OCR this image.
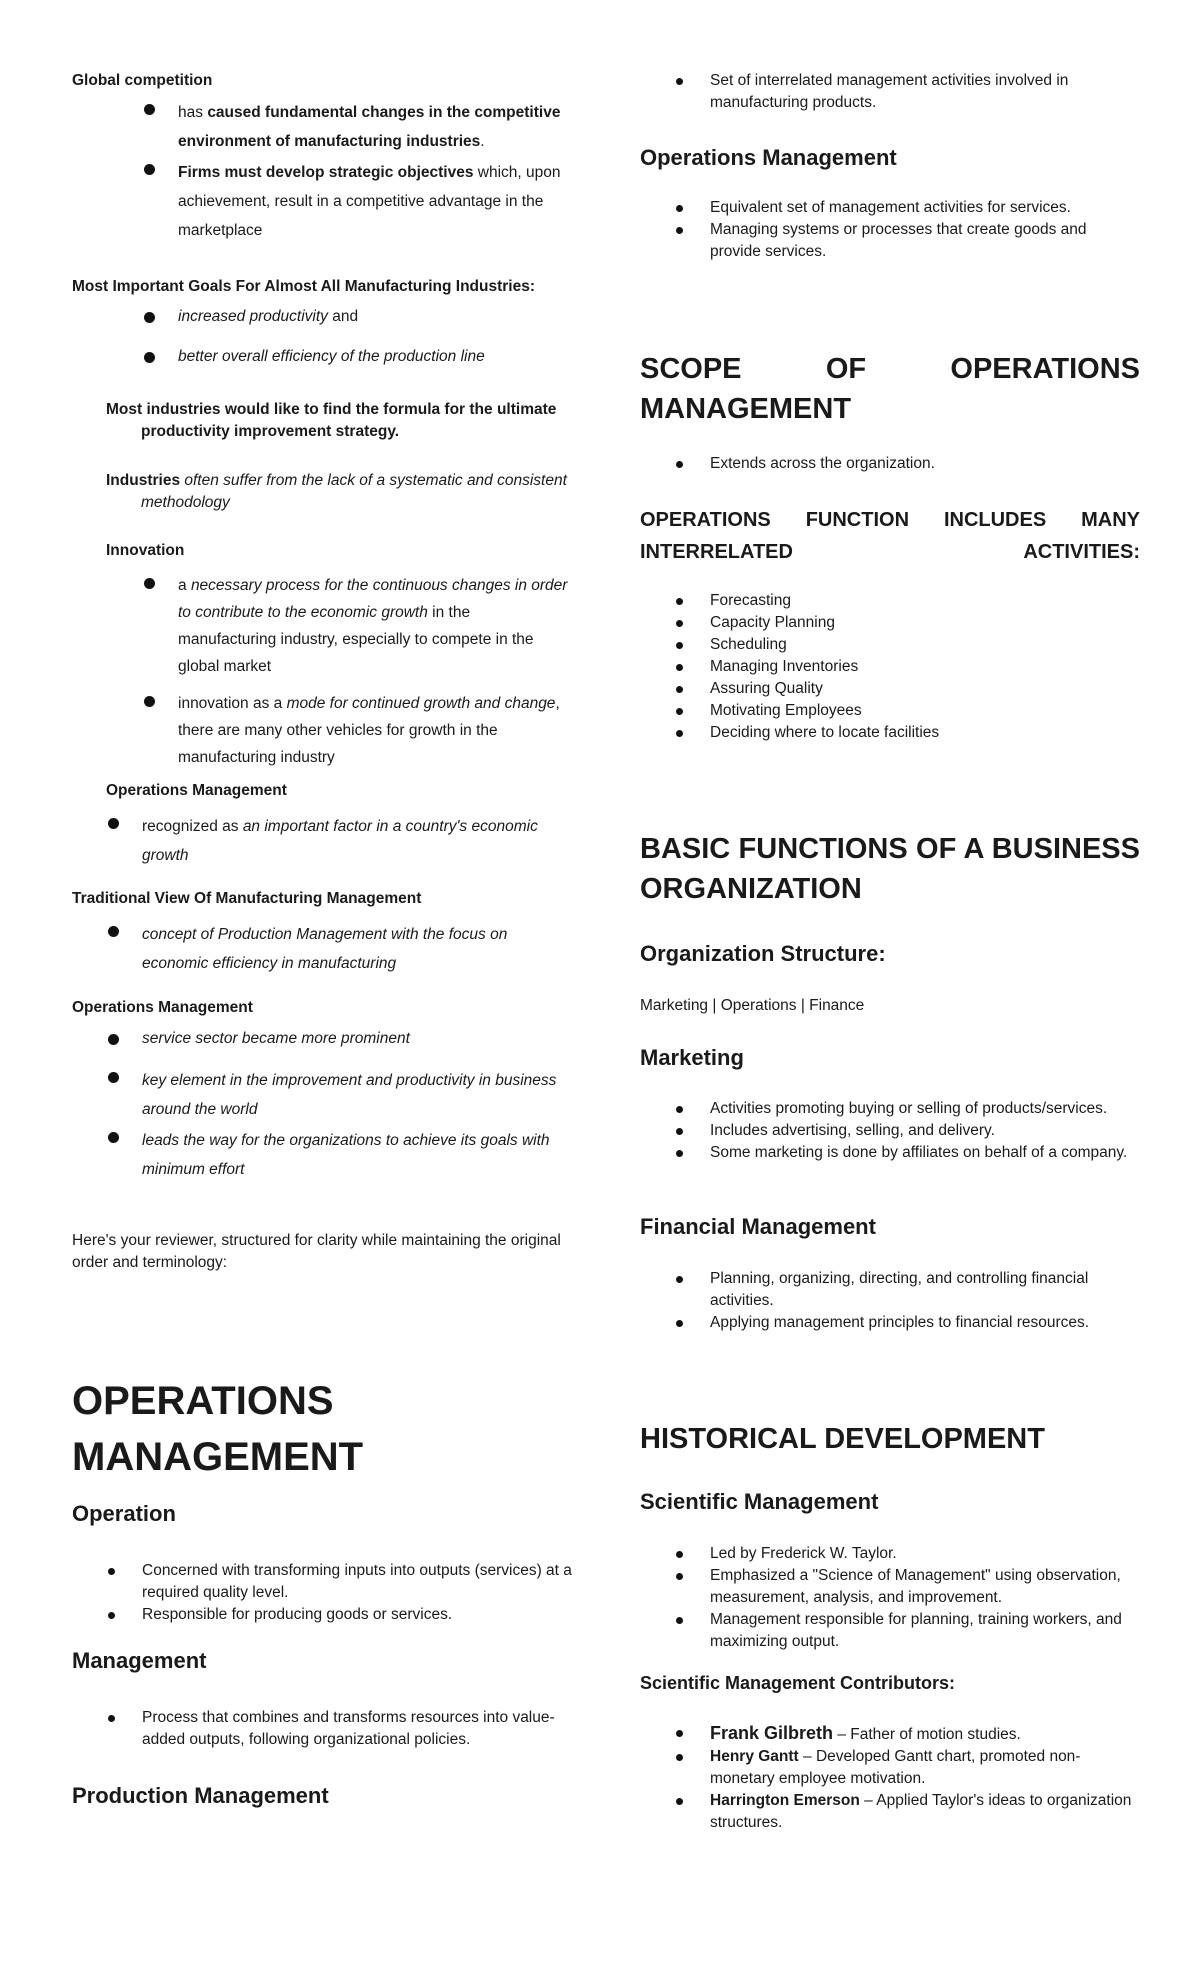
Global competition
has caused fundamental changes in the competitive environment of manufacturing industries.
Firms must develop strategic objectives which, upon achievement, result in a competitive advantage in the marketplace
Most Important Goals For Almost All Manufacturing Industries:
increased productivity and
better overall efficiency of the production line
Most industries would like to find the formula for the ultimate productivity improvement strategy.
Industries often suffer from the lack of a systematic and consistent methodology
Innovation
a necessary process for the continuous changes in order to contribute to the economic growth in the manufacturing industry, especially to compete in the global market
innovation as a mode for continued growth and change, there are many other vehicles for growth in the manufacturing industry
Operations Management
recognized as an important factor in a country's economic growth
Traditional View Of Manufacturing Management
concept of Production Management with the focus on economic efficiency in manufacturing
Operations Management
service sector became more prominent
key element in the improvement and productivity in business around the world
leads the way for the organizations to achieve its goals with minimum effort
Here's your reviewer, structured for clarity while maintaining the original order and terminology:
OPERATIONS MANAGEMENT
Operation
Concerned with transforming inputs into outputs (services) at a required quality level.
Responsible for producing goods or services.
Management
Process that combines and transforms resources into value-added outputs, following organizational policies.
Production Management
Set of interrelated management activities involved in manufacturing products.
Operations Management
Equivalent set of management activities for services.
Managing systems or processes that create goods and provide services.
SCOPE OF OPERATIONS MANAGEMENT
Extends across the organization.
OPERATIONS FUNCTION INCLUDES MANY INTERRELATED ACTIVITIES:
Forecasting
Capacity Planning
Scheduling
Managing Inventories
Assuring Quality
Motivating Employees
Deciding where to locate facilities
BASIC FUNCTIONS OF A BUSINESS ORGANIZATION
Organization Structure:
Marketing | Operations | Finance
Marketing
Activities promoting buying or selling of products/services.
Includes advertising, selling, and delivery.
Some marketing is done by affiliates on behalf of a company.
Financial Management
Planning, organizing, directing, and controlling financial activities.
Applying management principles to financial resources.
HISTORICAL DEVELOPMENT
Scientific Management
Led by Frederick W. Taylor.
Emphasized a "Science of Management" using observation, measurement, analysis, and improvement.
Management responsible for planning, training workers, and maximizing output.
Scientific Management Contributors:
Frank Gilbreth – Father of motion studies.
Henry Gantt – Developed Gantt chart, promoted non-monetary employee motivation.
Harrington Emerson – Applied Taylor's ideas to organization structures.
